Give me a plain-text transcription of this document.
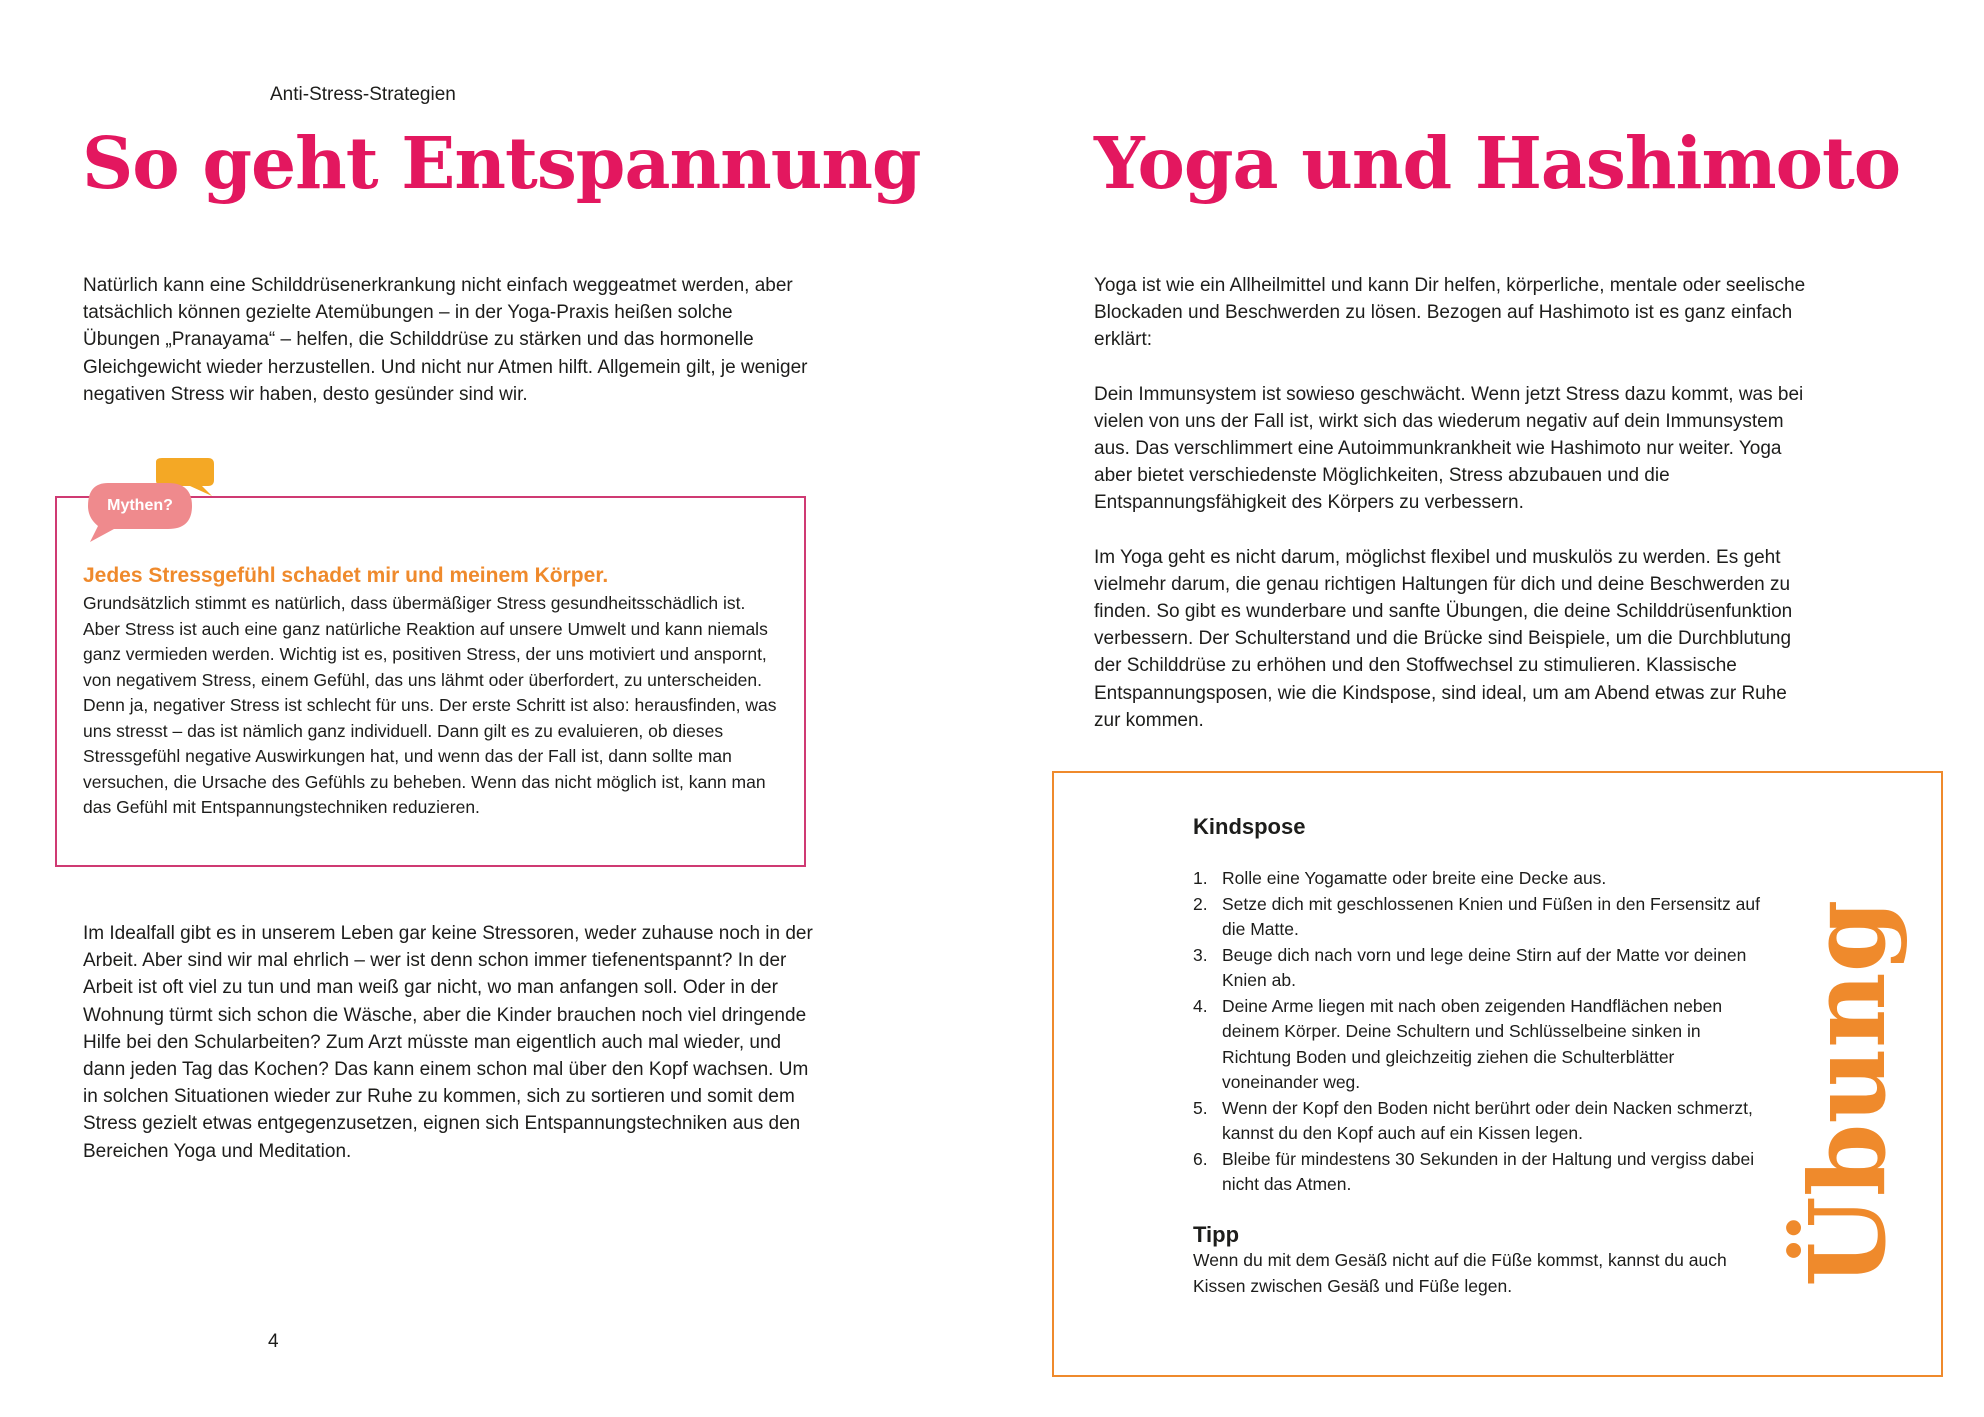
Anti-Stress-Strategien
So geht Entspannung

Natürlich kann eine Schilddrüsenerkrankung nicht einfach weggeatmet werden, aber tatsächlich können gezielte Atemübungen – in der Yoga-Praxis heißen solche Übungen „Pranayama“ – helfen, die Schilddrüse zu stärken und das hormonelle Gleichgewicht wieder herzustellen. Und nicht nur Atmen hilft. Allgemein gilt, je weniger negativen Stress wir haben, desto gesünder sind wir.

Mythen?
Jedes Stressgefühl schadet mir und meinem Körper.

Grundsätzlich stimmt es natürlich, dass übermäßiger Stress gesundheitsschädlich ist. Aber Stress ist auch eine ganz natürliche Reaktion auf unsere Umwelt und kann niemals ganz vermieden werden. Wichtig ist es, positiven Stress, der uns motiviert und anspornt, von negativem Stress, einem Gefühl, das uns lähmt oder überfordert, zu unterscheiden. Denn ja, negativer Stress ist schlecht für uns. Der erste Schritt ist also: herausfinden, was uns stresst – das ist nämlich ganz individuell. Dann gilt es zu evaluieren, ob dieses Stressgefühl negative Auswirkungen hat, und wenn das der Fall ist, dann sollte man versuchen, die Ursache des Gefühls zu beheben. Wenn das nicht möglich ist, kann man das Gefühl mit Entspannungstechniken reduzieren.

Im Idealfall gibt es in unserem Leben gar keine Stressoren, weder zuhause noch in der Arbeit. Aber sind wir mal ehrlich – wer ist denn schon immer tiefenentspannt? In der Arbeit ist oft viel zu tun und man weiß gar nicht, wo man anfangen soll. Oder in der Wohnung türmt sich schon die Wäsche, aber die Kinder brauchen noch viel dringende Hilfe bei den Schularbeiten? Zum Arzt müsste man eigentlich auch mal wieder, und dann jeden Tag das Kochen? Das kann einem schon mal über den Kopf wachsen. Um in solchen Situationen wieder zur Ruhe zu kommen, sich zu sortieren und somit dem Stress gezielt etwas entgegenzusetzen, eignen sich Entspannungstechniken aus den Bereichen Yoga und Meditation.

4
Yoga und Hashimoto

Yoga ist wie ein Allheilmittel und kann Dir helfen, körperliche, mentale oder seelische Blockaden und Beschwerden zu lösen. Bezogen auf Hashimoto ist es ganz einfach erklärt:

Dein Immunsystem ist sowieso geschwächt. Wenn jetzt Stress dazu kommt, was bei vielen von uns der Fall ist, wirkt sich das wiederum negativ auf dein Immunsystem aus. Das verschlimmert eine Autoimmunkrankheit wie Hashimoto nur weiter. Yoga aber bietet verschiedenste Möglichkeiten, Stress abzubauen und die Entspannungsfähigkeit des Körpers zu verbessern.

Im Yoga geht es nicht darum, möglichst flexibel und muskulös zu werden. Es geht vielmehr darum, die genau richtigen Haltungen für dich und deine Beschwerden zu finden. So gibt es wunderbare und sanfte Übungen, die deine Schilddrüsenfunktion verbessern. Der Schulterstand und die Brücke sind Beispiele, um die Durchblutung der Schilddrüse zu erhöhen und den Stoffwechsel zu stimulieren. Klassische Entspannungsposen, wie die Kindspose, sind ideal, um am Abend etwas zur Ruhe zur kommen.

Kindspose
1. Rolle eine Yogamatte oder breite eine Decke aus.
2. Setze dich mit geschlossenen Knien und Füßen in den Fersensitz auf die Matte.
3. Beuge dich nach vorn und lege deine Stirn auf der Matte vor deinen Knien ab.
4. Deine Arme liegen mit nach oben zeigenden Handflächen neben deinem Körper. Deine Schultern und Schlüsselbeine sinken in Richtung Boden und gleichzeitig ziehen die Schulterblätter voneinander weg.
5. Wenn der Kopf den Boden nicht berührt oder dein Nacken schmerzt, kannst du den Kopf auch auf ein Kissen legen.
6. Bleibe für mindestens 30 Sekunden in der Haltung und vergiss dabei nicht das Atmen.
Tipp

Wenn du mit dem Gesäß nicht auf die Füße kommst, kannst du auch Kissen zwischen Gesäß und Füße legen.	Übung
